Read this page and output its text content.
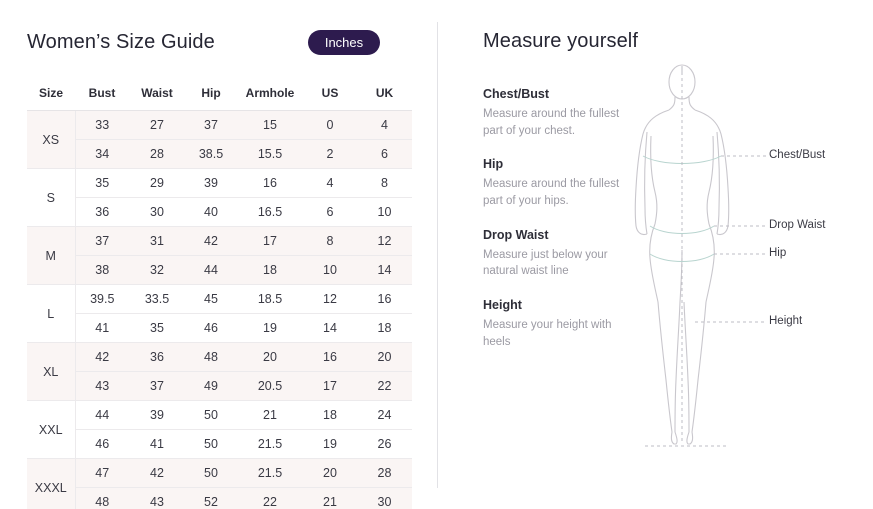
Women’s Size Guide	Inches
Size	Bust	Waist	Hip	Armhole	US	UK
XS	33	27	37	15	0	4
	34	28	38.5	15.5	2	6
S	35	29	39	16	4	8
	36	30	40	16.5	6	10
M	37	31	42	17	8	12
	38	32	44	18	10	14
L	39.5	33.5	45	18.5	12	16
	41	35	46	19	14	18
XL	42	36	48	20	16	20
	43	37	49	20.5	17	22
XXL	44	39	50	21	18	24
	46	41	50	21.5	19	26
XXXL	47	42	50	21.5	20	28
	48	43	52	22	21	30
Measure yourself
Chest/Bust
Measure around the fullest part of your chest.
Hip
Measure around the fullest part of your hips.
Drop Waist
Measure just below your natural waist line
Height
Measure your height with heels
Chest/Bust
Drop Waist
Hip
Height
